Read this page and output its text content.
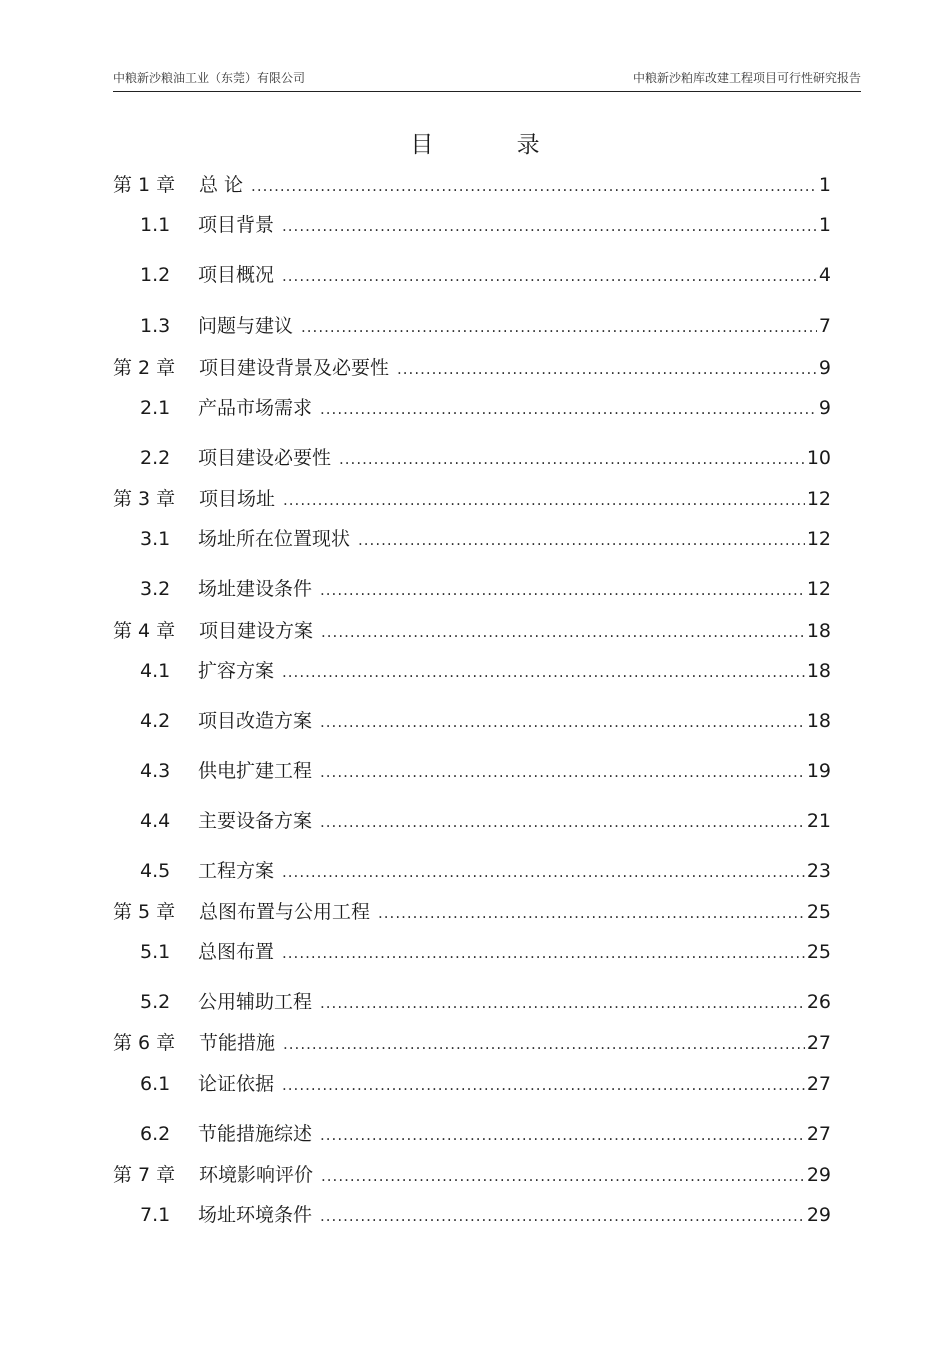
中粮新沙粮油工业（东莞）有限公司	中粮新沙粕库改建工程项目可行性研究报告
目 录
第 1 章	总 论 .....	1
1.1	项目背景 .....	1
1.2	项目概况 .....	4
1.3	问题与建议 .....	7
第 2 章	项目建设背景及必要性 .....	9
2.1	产品市场需求 .....	9
2.2	项目建设必要性 .....	10
第 3 章	项目场址 .....	12
3.1	场址所在位置现状 .....	12
3.2	场址建设条件 .....	12
第 4 章	项目建设方案 .....	18
4.1	扩容方案 .....	18
4.2	项目改造方案 .....	18
4.3	供电扩建工程 .....	19
4.4	主要设备方案 .....	21
4.5	工程方案 .....	23
第 5 章	总图布置与公用工程 .....	25
5.1	总图布置 .....	25
5.2	公用辅助工程 .....	26
第 6 章	节能措施 .....	27
6.1	论证依据 .....	27
6.2	节能措施综述 .....	27
第 7 章	环境影响评价 .....	29
7.1	场址环境条件 .....	29
